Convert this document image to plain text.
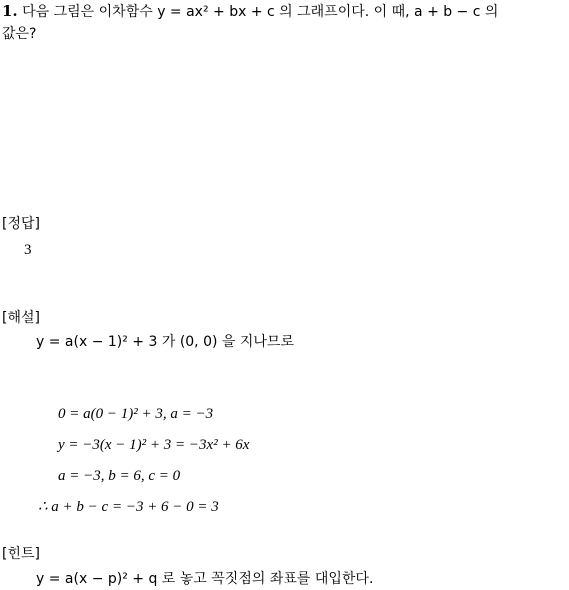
1. 다음 그림은 이차함수 y = ax² + bx + c 의 그래프이다. 이 때, a + b − c 의
값은?
[정답]
3
[해설]
y = a(x − 1)² + 3 가 (0, 0) 을 지나므로
0 = a(0 − 1)² + 3, a = −3
y = −3(x − 1)² + 3 = −3x² + 6x
a = −3, b = 6, c = 0
∴ a + b − c = −3 + 6 − 0 = 3
[힌트]
y = a(x − p)² + q 로 놓고 꼭짓점의 좌표를 대입한다.
